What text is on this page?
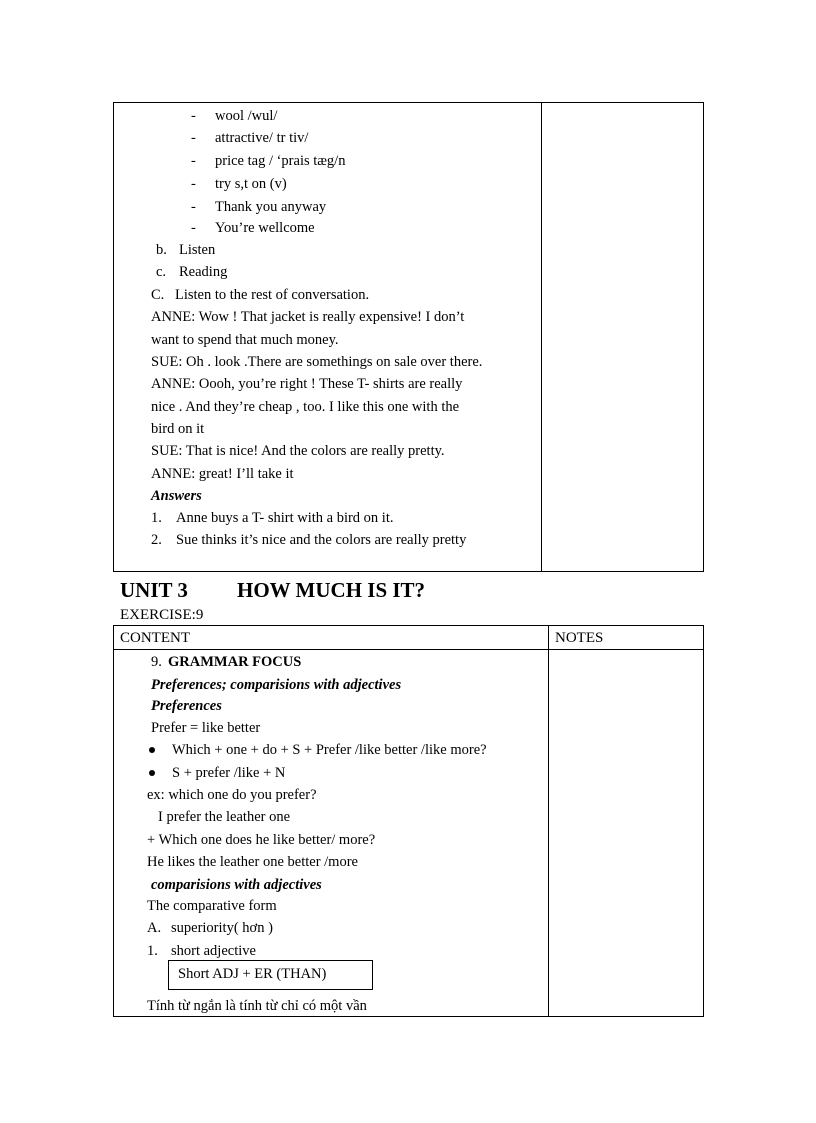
- wool /wul/
- attractive/ tr tiv/
- price tag / ‘prais tæg/n
- try s,t on (v)
- Thank you anyway
- You’re wellcome
b. Listen
c. Reading
C. Listen to the rest of conversation.
ANNE: Wow ! That jacket is really expensive! I don’t
want to spend that much money.
SUE: Oh . look .There are somethings on sale over there.
ANNE: Oooh, you’re right ! These T- shirts are really
nice . And they’re cheap , too. I like this one with the
bird on it
SUE: That is nice! And the colors are really pretty.
ANNE: great! I’ll take it
Answers
1. Anne buys a T- shirt with a bird on it.
2. Sue thinks it’s nice and the colors are really pretty
UNIT 3 HOW MUCH IS IT?
EXERCISE:9
CONTENT	NOTES
9. GRAMMAR FOCUS
Preferences; comparisions with adjectives
Preferences
Prefer = like better
Which + one + do + S + Prefer /like better /like more?
S + prefer /like + N
ex: which one do you prefer?
I prefer the leather one
+ Which one does he like better/ more?
He likes the leather one better /more
comparisions with adjectives
The comparative form
A. superiority( hơn )
1. short adjective
Short ADJ + ER (THAN)
Tính từ ngắn là tính từ chỉ có một vần
